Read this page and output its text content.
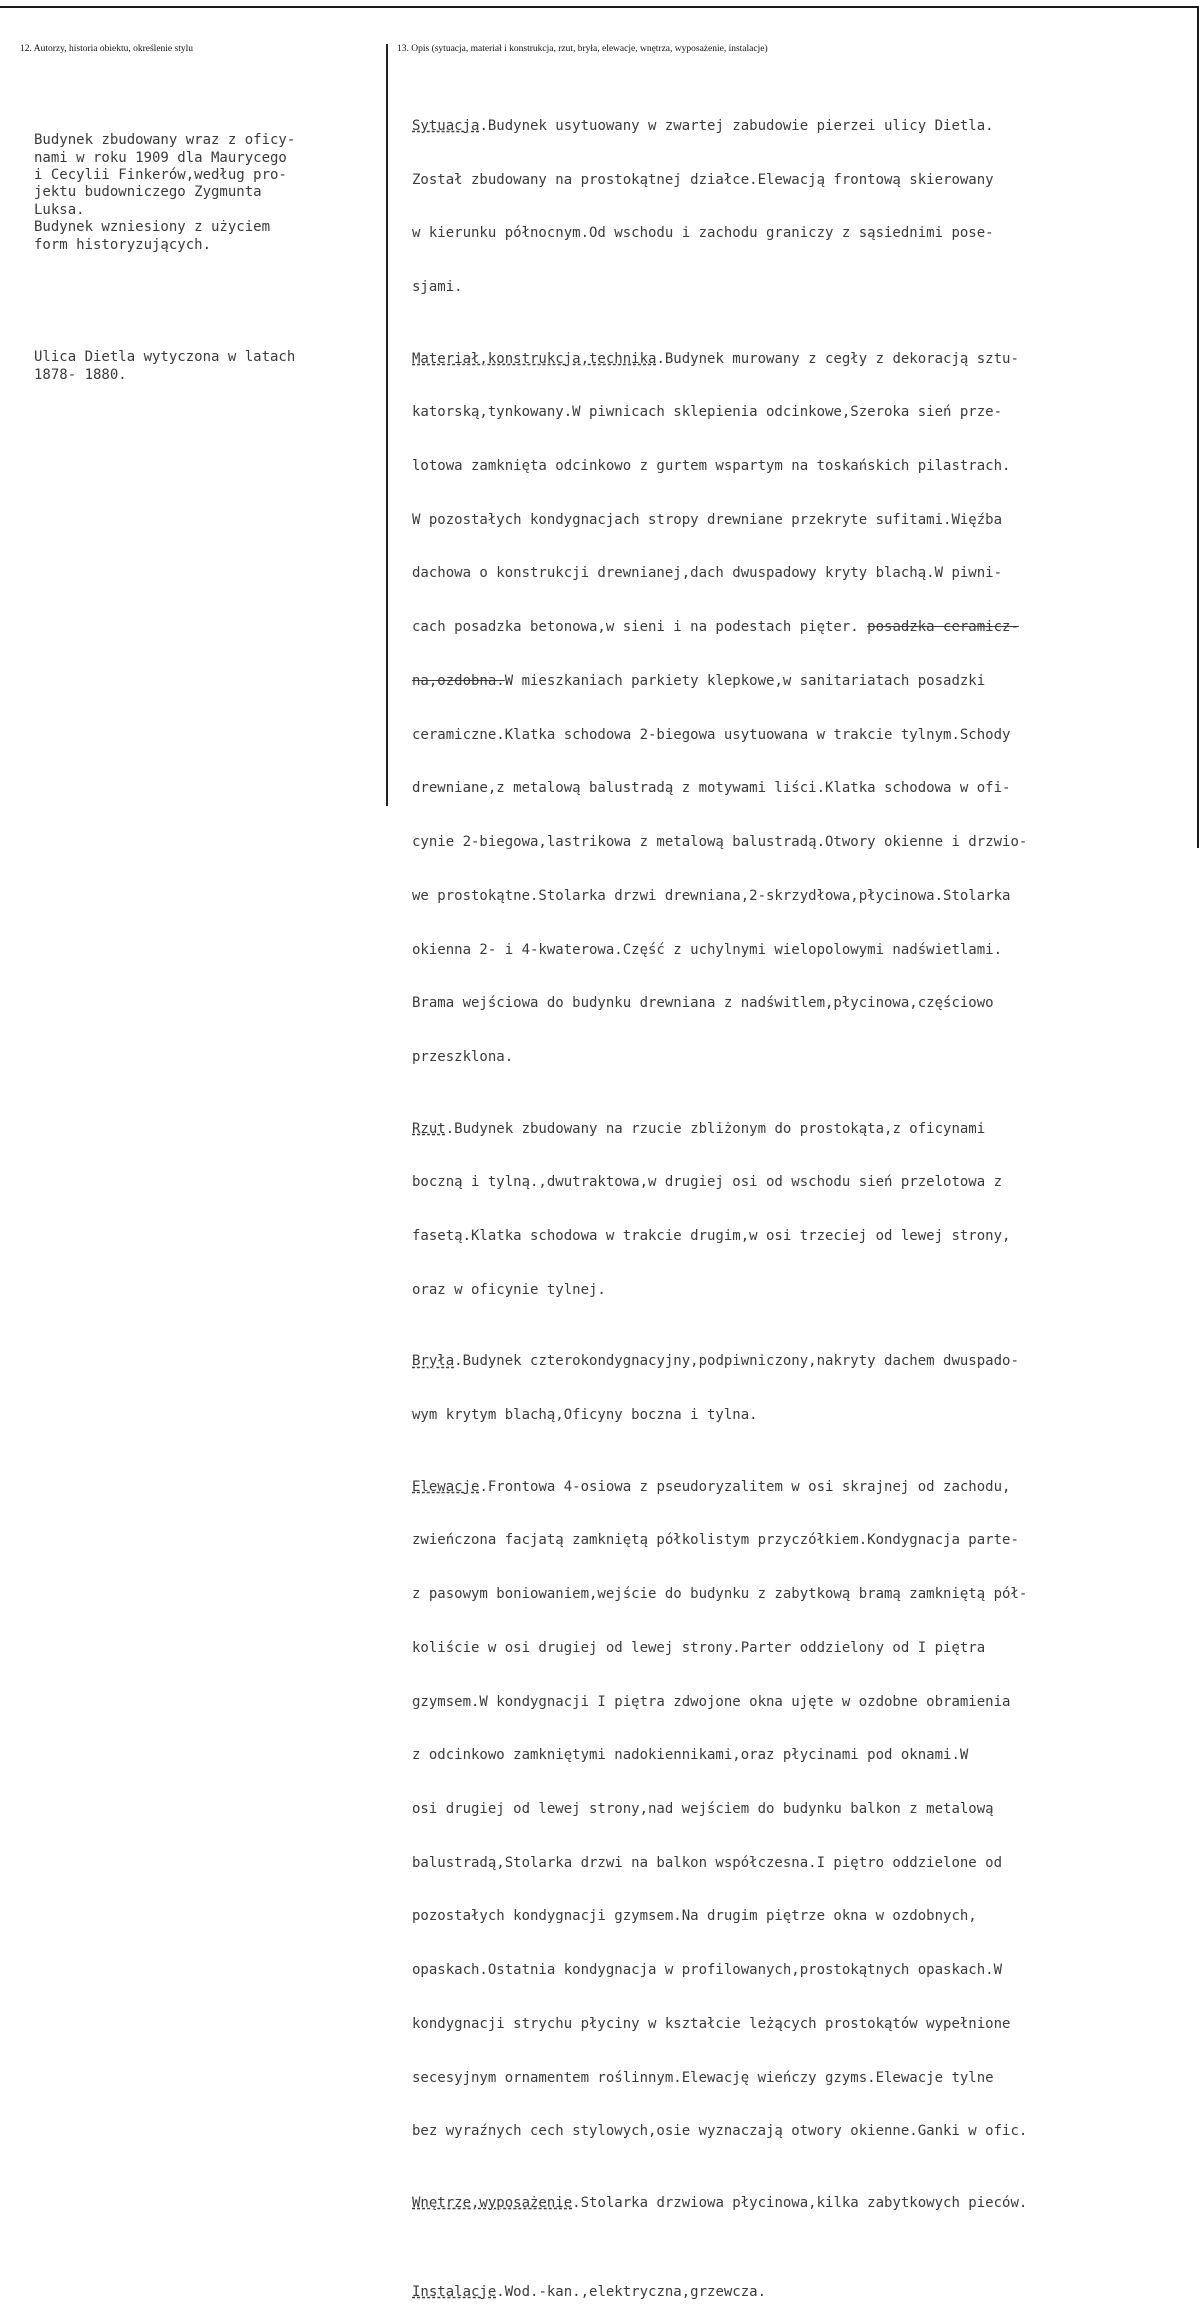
12. Autorzy, historia obiektu, określenie stylu	13. Opis (sytuacja, materiał i konstrukcja, rzut, bryła, elewacje, wnętrza, wyposażenie, instalacje)

Budynek zbudowany wraz z oficy-
nami w roku 1909 dla Maurycego
i Cecylii Finkerów,według pro-
jektu budowniczego Zygmunta
Luksa.
Budynek wzniesiony z użyciem
form historyzujących.

Ulica Dietla wytyczona w latach
1878- 1880.

Sytuacja.Budynek usytuowany w zwartej zabudowie pierzei ulicy Dietla.

Został zbudowany na prostokątnej działce.Elewacją frontową skierowany

w kierunku północnym.Od wschodu i zachodu graniczy z sąsiednimi pose-

sjami.

Materiał,konstrukcja,technika.Budynek murowany z cegły z dekoracją sztu-

katorską,tynkowany.W piwnicach sklepienia odcinkowe,Szeroka sień prze-

lotowa zamknięta odcinkowo z gurtem wspartym na toskańskich pilastrach.

W pozostałych kondygnacjach stropy drewniane przekryte sufitami.Więźba

dachowa o konstrukcji drewnianej,dach dwuspadowy kryty blachą.W piwni-

cach posadzka betonowa,w sieni i na podestach pięter. posadzka ceramicz-

na,ozdobna.W mieszkaniach parkiety klepkowe,w sanitariatach posadzki

ceramiczne.Klatka schodowa 2-biegowa usytuowana w trakcie tylnym.Schody

drewniane,z metalową balustradą z motywami liści.Klatka schodowa w ofi-

cynie 2-biegowa,lastrikowa z metalową balustradą.Otwory okienne i drzwio-

we prostokątne.Stolarka drzwi drewniana,2-skrzydłowa,płycinowa.Stolarka

okienna 2- i 4-kwaterowa.Część z uchylnymi wielopolowymi nadświetlami.

Brama wejściowa do budynku drewniana z nadświtlem,płycinowa,częściowo

przeszklona.

Rzut.Budynek zbudowany na rzucie zbliżonym do prostokąta,z oficynami

boczną i tylną.,dwutraktowa,w drugiej osi od wschodu sień przelotowa z

fasetą.Klatka schodowa w trakcie drugim,w osi trzeciej od lewej strony,

oraz w oficynie tylnej.

Bryła.Budynek czterokondygnacyjny,podpiwniczony,nakryty dachem dwuspado-

wym krytym blachą,Oficyny boczna i tylna.

Elewacje.Frontowa 4-osiowa z pseudoryzalitem w osi skrajnej od zachodu,

zwieńczona facjatą zamkniętą półkolistym przyczółkiem.Kondygnacja parte-

z pasowym boniowaniem,wejście do budynku z zabytkową bramą zamkniętą pół-

koliście w osi drugiej od lewej strony.Parter oddzielony od I piętra

gzymsem.W kondygnacji I piętra zdwojone okna ujęte w ozdobne obramienia

z odcinkowo zamkniętymi nadokiennikami,oraz płycinami pod oknami.W

osi drugiej od lewej strony,nad wejściem do budynku balkon z metalową

balustradą,Stolarka drzwi na balkon współczesna.I piętro oddzielone od

pozostałych kondygnacji gzymsem.Na drugim piętrze okna w ozdobnych,

opaskach.Ostatnia kondygnacja w profilowanych,prostokątnych opaskach.W

kondygnacji strychu płyciny w kształcie leżących prostokątów wypełnione

secesyjnym ornamentem roślinnym.Elewację wieńczy gzyms.Elewacje tylne

bez wyraźnych cech stylowych,osie wyznaczają otwory okienne.Ganki w ofic.

Wnętrze,wyposażenie.Stolarka drzwiowa płycinowa,kilka zabytkowych pieców.

Instalacje.Wod.-kan.,elektryczna,grzewcza.
